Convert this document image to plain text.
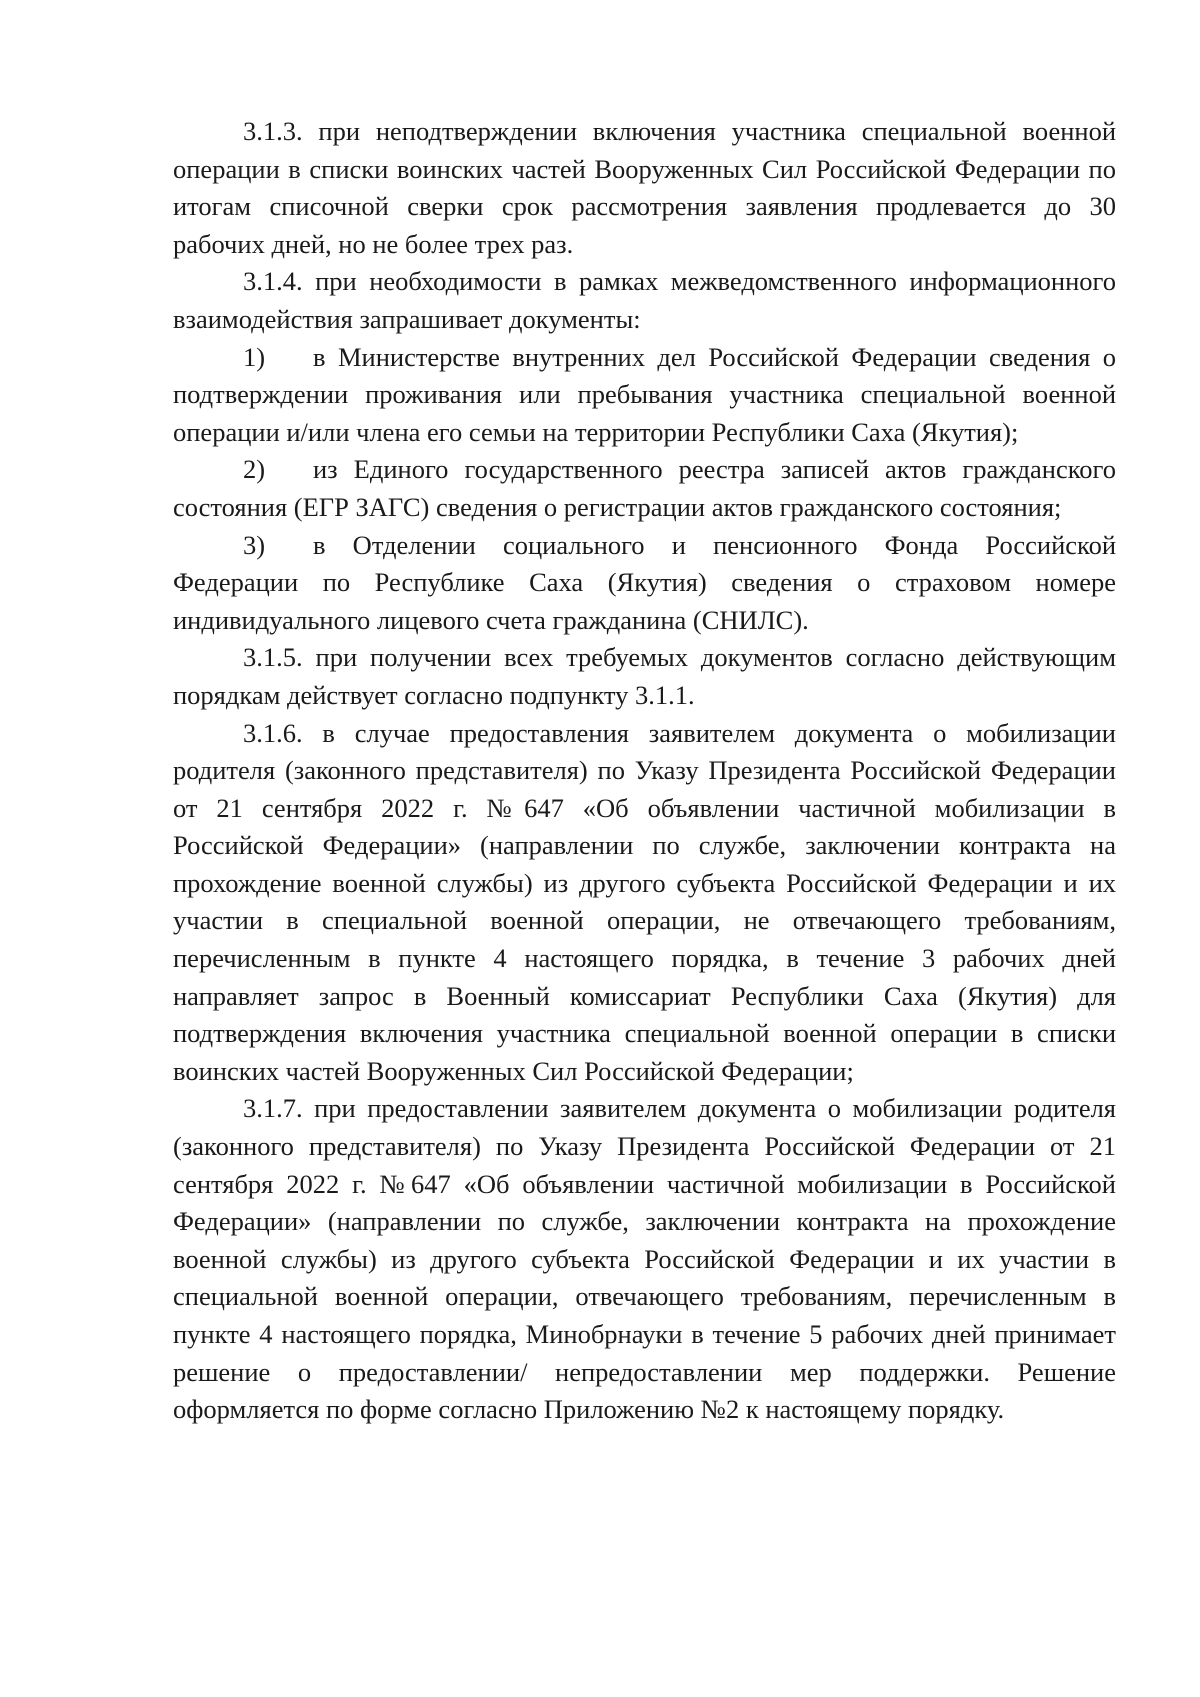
3.1.3. при неподтверждении включения участника специальной военной операции в списки воинских частей Вооруженных Сил Российской Федерации по итогам списочной сверки срок рассмотрения заявления продлевается до 30 рабочих дней, но не более трех раз.

3.1.4. при необходимости в рамках межведомственного информационного взаимодействия запрашивает документы:

1) в Министерстве внутренних дел Российской Федерации сведения о подтверждении проживания или пребывания участника специальной военной операции и/или члена его семьи на территории Республики Саха (Якутия);

2) из Единого государственного реестра записей актов гражданского состояния (ЕГР ЗАГС) сведения о регистрации актов гражданского состояния;

3) в Отделении социального и пенсионного Фонда Российской Федерации по Республике Саха (Якутия) сведения о страховом номере индивидуального лицевого счета гражданина (СНИЛС).

3.1.5. при получении всех требуемых документов согласно действующим порядкам действует согласно подпункту 3.1.1.

3.1.6. в случае предоставления заявителем документа о мобилизации родителя (законного представителя) по Указу Президента Российской Федерации от 21 сентября 2022 г. №647 «Об объявлении частичной мобилизации в Российской Федерации» (направлении по службе, заключении контракта на прохождение военной службы) из другого субъекта Российской Федерации и их участии в специальной военной операции, не отвечающего требованиям, перечисленным в пункте 4 настоящего порядка, в течение 3 рабочих дней направляет запрос в Военный комиссариат Республики Саха (Якутия) для подтверждения включения участника специальной военной операции в списки воинских частей Вооруженных Сил Российской Федерации;

3.1.7. при предоставлении заявителем документа о мобилизации родителя (законного представителя) по Указу Президента Российской Федерации от 21 сентября 2022 г. №647 «Об объявлении частичной мобилизации в Российской Федерации» (направлении по службе, заключении контракта на прохождение военной службы) из другого субъекта Российской Федерации и их участии в специальной военной операции, отвечающего требованиям, перечисленным в пункте 4 настоящего порядка, Минобрнауки в течение 5 рабочих дней принимает решение о предоставлении/ непредоставлении мер поддержки. Решение оформляется по форме согласно Приложению №2 к настоящему порядку.
